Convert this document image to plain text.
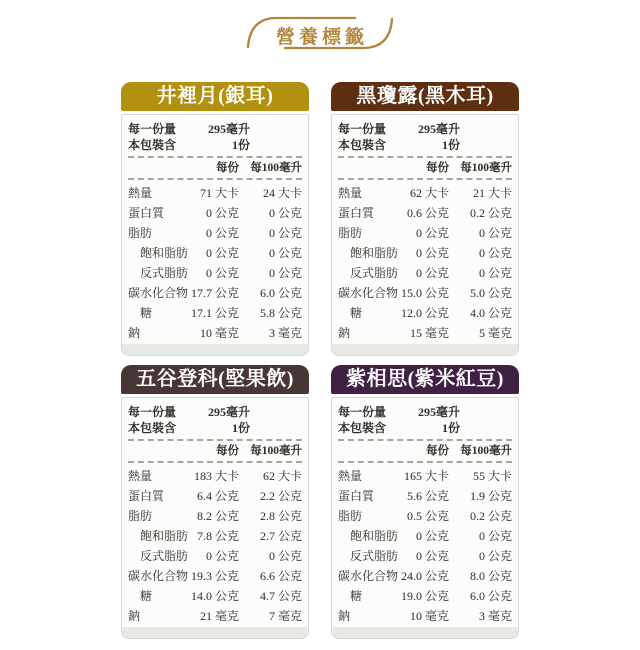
營養標籤
井裡月(銀耳)
每一份量	295毫升
本包裝含	1份
每份 每100毫升
熱量	71 大卡 24 大卡
蛋白質	0 公克 0 公克
脂肪	0 公克 0 公克
飽和脂肪 0 公克 0 公克
反式脂肪 0 公克 0 公克
碳水化合物 17.7 公克 6.0 公克
糖	17.1 公克 5.8 公克
鈉	10 毫克 3 毫克
黑瓊露(黑木耳)
每一份量	295毫升
本包裝含	1份
每份 每100毫升
熱量	62 大卡 21 大卡
蛋白質	0.6 公克 0.2 公克
脂肪	0 公克 0 公克
飽和脂肪 0 公克 0 公克
反式脂肪 0 公克 0 公克
碳水化合物 15.0 公克 5.0 公克
糖	12.0 公克 4.0 公克
鈉	15 毫克 5 毫克
五谷登科(堅果飲)
每一份量	295毫升
本包裝含	1份
每份 每100毫升
熱量	183 大卡 62 大卡
蛋白質	6.4 公克 2.2 公克
脂肪	8.2 公克 2.8 公克
飽和脂肪 7.8 公克 2.7 公克
反式脂肪 0 公克 0 公克
碳水化合物 19.3 公克 6.6 公克
糖	14.0 公克 4.7 公克
鈉	21 毫克 7 毫克
紫相思(紫米紅豆)
每一份量	295毫升
本包裝含	1份
每份 每100毫升
熱量	165 大卡 55 大卡
蛋白質	5.6 公克 1.9 公克
脂肪	0.5 公克 0.2 公克
飽和脂肪 0 公克 0 公克
反式脂肪 0 公克 0 公克
碳水化合物 24.0 公克 8.0 公克
糖	19.0 公克 6.0 公克
鈉	10 毫克 3 毫克
